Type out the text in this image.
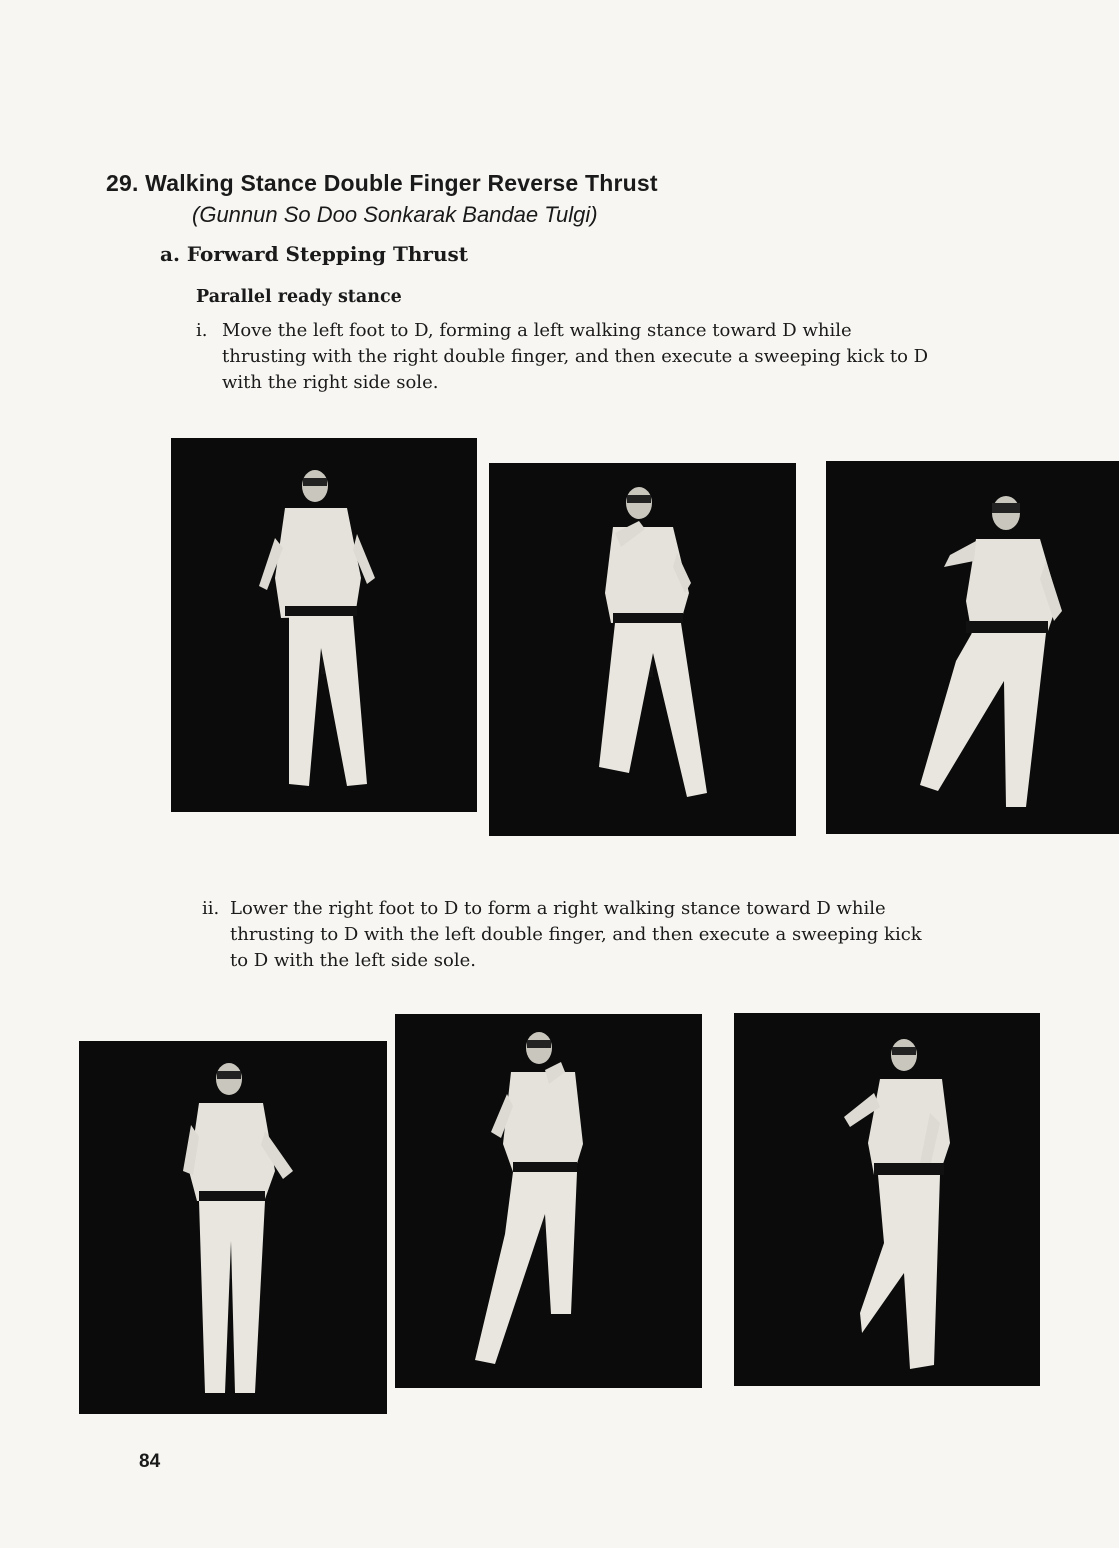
29. Walking Stance Double Finger Reverse Thrust
(Gunnun So Doo Sonkarak Bandae Tulgi)
a. Forward Stepping Thrust
Parallel ready stance
i. Move the left foot to D, forming a left walking stance toward D while thrusting with the right double finger, and then execute a sweeping kick to D with the right side sole.
ii. Lower the right foot to D to form a right walking stance toward D while thrusting to D with the left double finger, and then execute a sweeping kick to D with the left side sole.
84
